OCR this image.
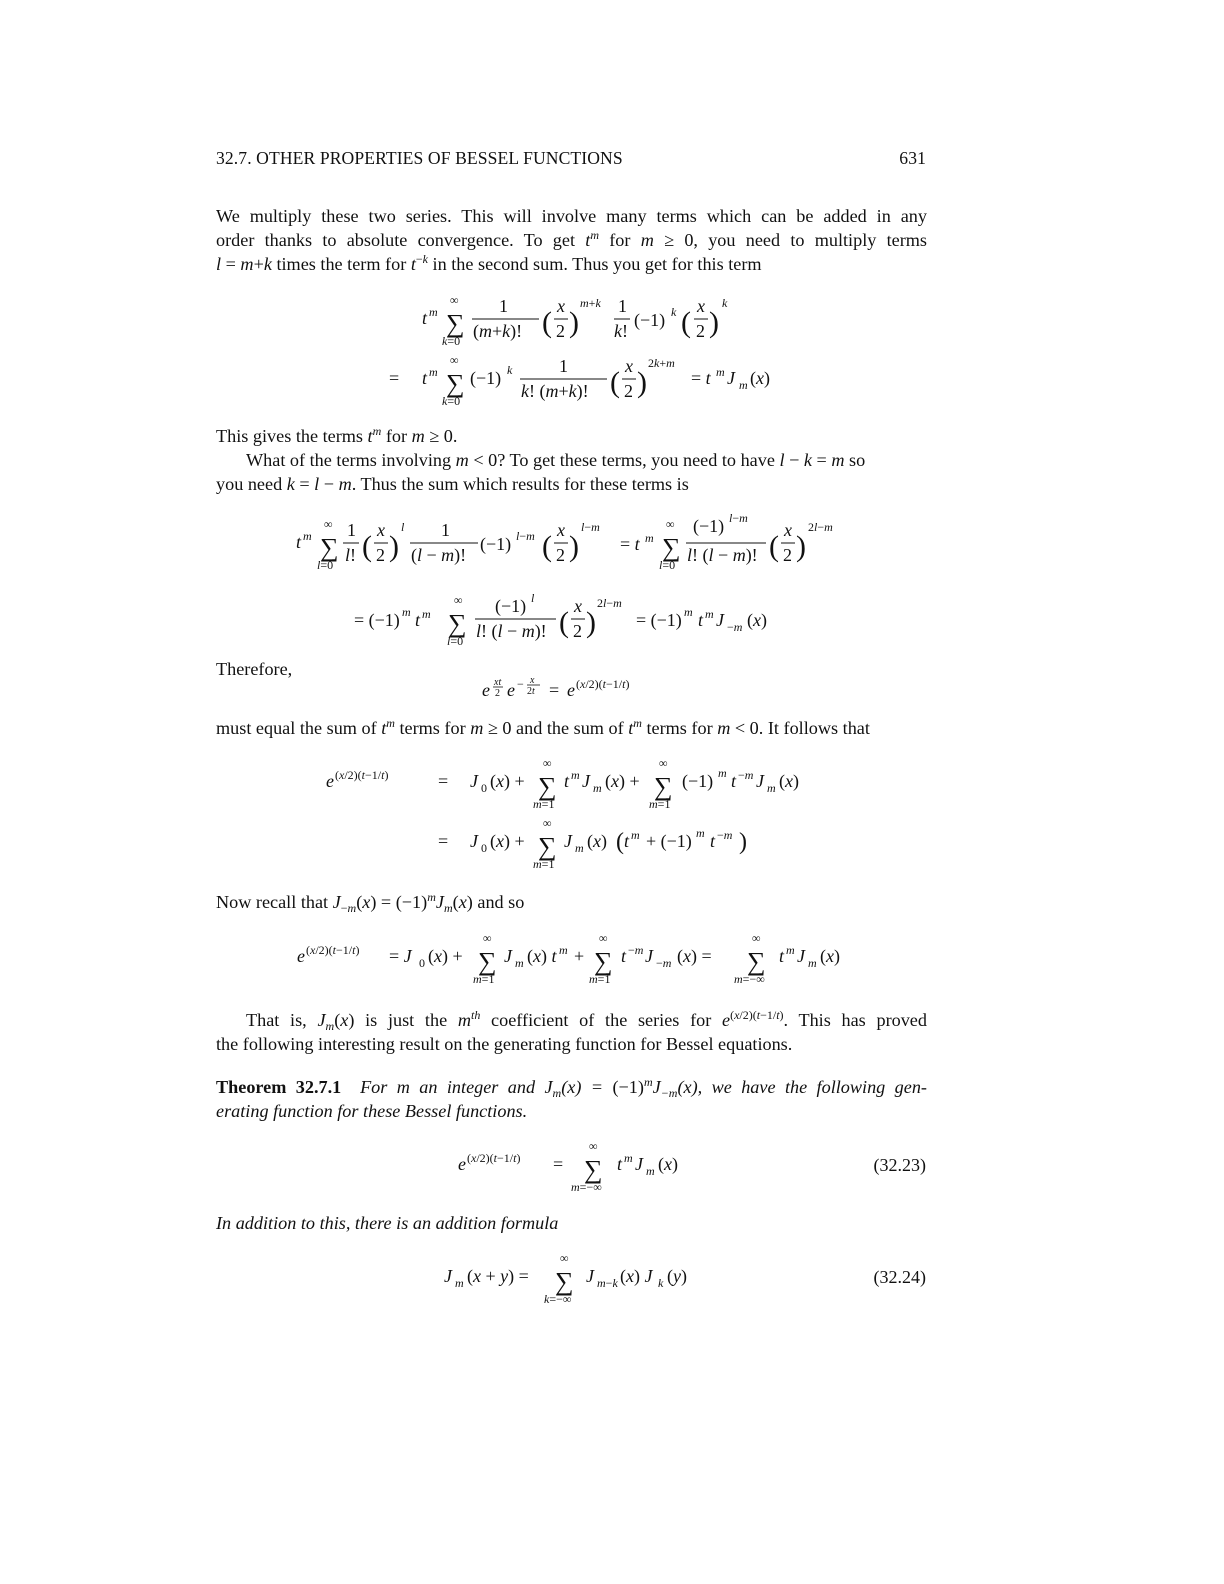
32.7. OTHER PROPERTIES OF BESSEL FUNCTIONS	631
We multiply these two series. This will involve many terms which can be added in any
order thanks to absolute convergence. To get $t^m$ for m ≥ 0, you need to multiply terms
l = m+k times the term for $t^{-k}$ in the second sum. Thus you get for this term
t m ∑
∞
k=0
1
(m+k)! ( x
2 )
m+k 1
k!
(−1) k ( x
2 )
k
= t m ∑
∞
k=0
(−1) k	1
k! (m+k)! ( x
2 )
2k+m
= t m J m (x)
This gives the terms $t^m$ for m ≥ 0.
What of the terms involving m < 0? To get these terms, you need to have l − k = m so
you need k = l − m. Thus the sum which results for these terms is
t m ∑
∞
l=0
1
l! ( x
2 )
l 1
(l − m)!
(−1) l−m ( x
2 )
l−m
= t m ∑
∞
l=0
(−1) l−m
l! (l − m)! ( x
2 )
2l−m
= (−1) m t m ∑
∞
l=0
(−1) l
l! (l − m)! ( x
2 )
2l−m
= (−1) m t m J −m (x)
Therefore,
e xt
2 e − x
2t = e (x/2)(t−1/t)
must equal the sum of $t^m$ terms for m ≥ 0 and the sum of $t^m$ terms for m < 0. It follows that
e (x/2)(t−1/t)	= J 0 (x) + ∑
∞
m=1
t m J m (x) + ∑
∞
m=1
(−1) m t −m J m (x)
= J 0 (x) + ∑
∞
m=1
J m (x) ( t m + (−1) m t −m )
Now recall that $J_{-m}(x) = (-1)^mJ_m(x)$ and so
e (x/2)(t−1/t) = J 0 (x) + ∑
∞
m=1
J m (x) t m + ∑
∞
m=1
t −m J −m (x) = ∑
∞
m=−∞
t m J m (x)
That is, $J_m(x)$ is just the $m^{th}$ coefficient of the series for $e^{(x/2)(t-1/t)}$. This has proved
the following interesting result on the generating function for Bessel equations.
Theorem 32.7.1 For m an integer and $J_m(x) = (-1)^mJ_{-m}(x)$, we have the following gen-
erating function for these Bessel functions.
e (x/2)(t−1/t) = ∑
∞
m=−∞
t m J m (x)	(32.23)
In addition to this, there is an addition formula
J m (x + y) = ∑
∞
k=−∞
J m−k (x) J k (y)	(32.24)
